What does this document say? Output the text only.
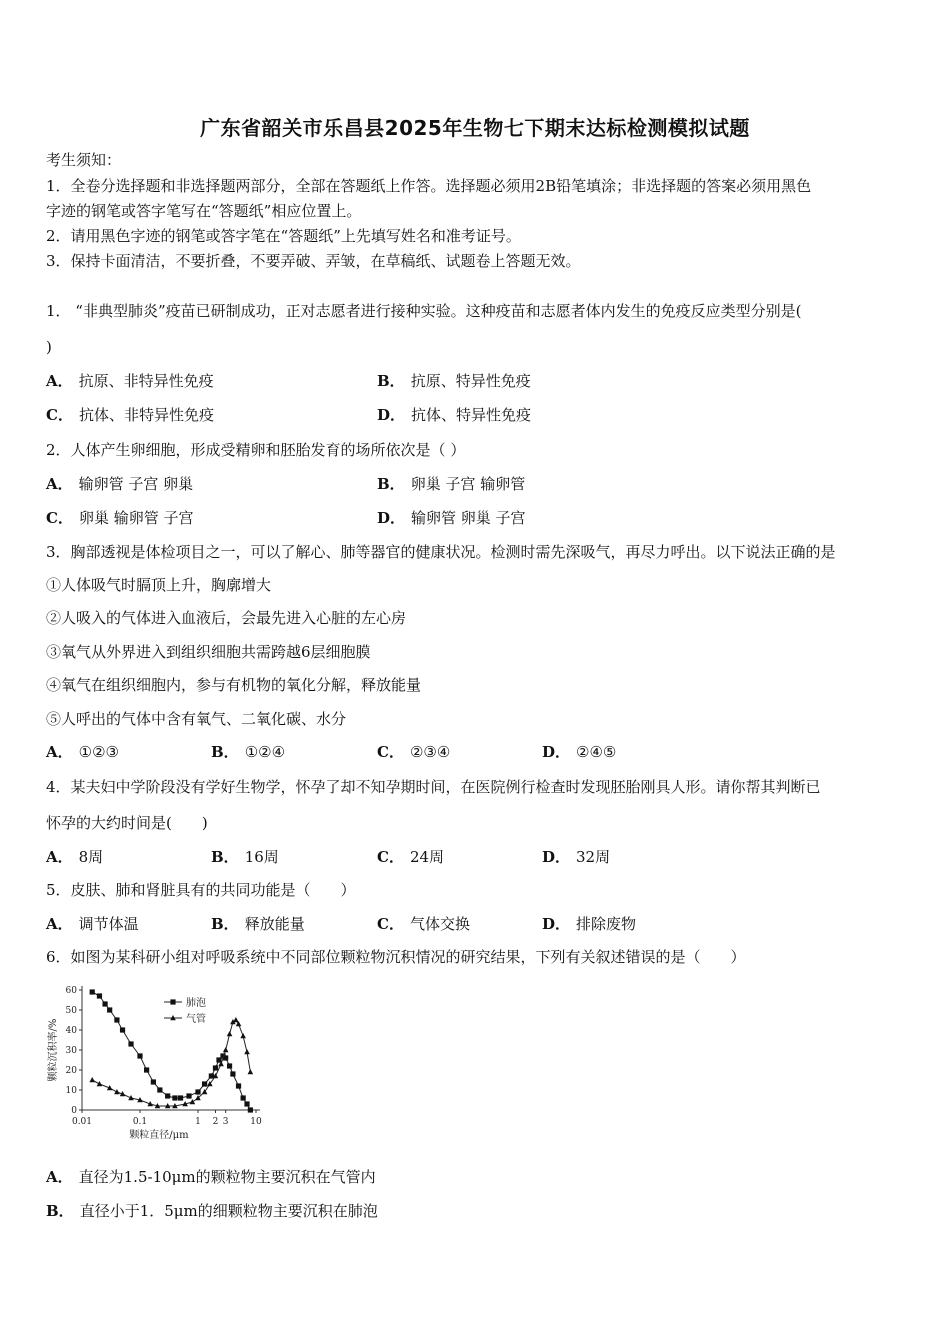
广东省韶关市乐昌县2025年生物七下期末达标检测模拟试题
考生须知：
1．全卷分选择题和非选择题两部分，全部在答题纸上作答。选择题必须用2B铅笔填涂；非选择题的答案必须用黑色
字迹的钢笔或答字笔写在“答题纸”相应位置上。
2．请用黑色字迹的钢笔或答字笔在“答题纸”上先填写姓名和准考证号。
3．保持卡面清洁，不要折叠，不要弄破、弄皱，在草稿纸、试题卷上答题无效。
1． “非典型肺炎”疫苗已研制成功，正对志愿者进行接种实验。这种疫苗和志愿者体内发生的免疫反应类型分别是(
)
A． 抗原、非特异性免疫	B． 抗原、特异性免疫
C． 抗体、非特异性免疫	D． 抗体、特异性免疫
2．人体产生卵细胞，形成受精卵和胚胎发育的场所依次是（ ）
A． 输卵管 子宫 卵巢	B． 卵巢 子宫 输卵管
C． 卵巢 输卵管 子宫	D． 输卵管 卵巢 子宫
3．胸部透视是体检项目之一，可以了解心、肺等器官的健康状况。检测时需先深吸气，再尽力呼出。以下说法正确的是
①人体吸气时膈顶上升，胸廓增大
②人吸入的气体进入血液后，会最先进入心脏的左心房
③氧气从外界进入到组织细胞共需跨越6层细胞膜
④氧气在组织细胞内，参与有机物的氧化分解，释放能量
⑤人呼出的气体中含有氧气、二氧化碳、水分
A． ①②③	B． ①②④	C． ②③④	D． ②④⑤
4．某夫妇中学阶段没有学好生物学，怀孕了却不知孕期时间，在医院例行检查时发现胚胎刚具人形。请你帮其判断已
怀孕的大约时间是(　　)
A． 8周	B． 16周	C． 24周	D． 32周
5．皮肤、肺和肾脏具有的共同功能是（　　）
A． 调节体温	B． 释放能量	C． 气体交换	D． 排除废物
6．如图为某科研小组对呼吸系统中不同部位颗粒物沉积情况的研究结果，下列有关叙述错误的是（　　）
0
10
20
30
40
50
60
0.01	0.1	1 2 3 10
颗粒直径/μm
颗粒沉积率/%
肺泡
气管
A． 直径为1.5-10μm的颗粒物主要沉积在气管内
B． 直径小于1．5μm的细颗粒物主要沉积在肺泡
